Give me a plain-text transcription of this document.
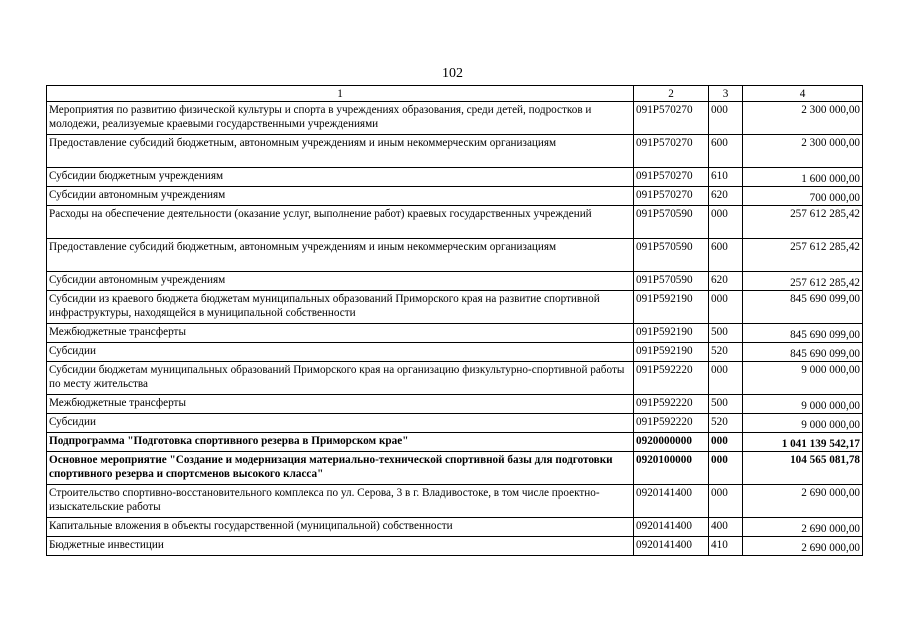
102
1	2	3	4
Мероприятия по развитию физической культуры и спорта в учреждениях образования, среди детей, подростков и молодежи, реализуемые краевыми государственными учреждениями	091P570270	000	2 300 000,00
Предоставление субсидий бюджетным, автономным учреждениям и иным некоммерческим организациям	091P570270	600	2 300 000,00
Субсидии бюджетным учреждениям	091P570270	610	1 600 000,00
Субсидии автономным учреждениям	091P570270	620	700 000,00
Расходы на обеспечение деятельности (оказание услуг, выполнение работ) краевых государственных учреждений	091P570590	000	257 612 285,42
Предоставление субсидий бюджетным, автономным учреждениям и иным некоммерческим организациям	091P570590	600	257 612 285,42
Субсидии автономным учреждениям	091P570590	620	257 612 285,42
Субсидии из краевого бюджета бюджетам муниципальных образований Приморского края на развитие спортивной инфраструктуры, находящейся в муниципальной собственности	091P592190	000	845 690 099,00
Межбюджетные трансферты	091P592190	500	845 690 099,00
Субсидии	091P592190	520	845 690 099,00
Субсидии бюджетам муниципальных образований Приморского края на организацию физкультурно-спортивной работы по месту жительства	091P592220	000	9 000 000,00
Межбюджетные трансферты	091P592220	500	9 000 000,00
Субсидии	091P592220	520	9 000 000,00
Подпрограмма "Подготовка спортивного резерва в Приморском крае"	0920000000	000	1 041 139 542,17
Основное мероприятие "Создание и модернизация материально-технической спортивной базы для подготовки спортивного резерва и спортсменов высокого класса"	0920100000	000	104 565 081,78
Строительство спортивно-восстановительного комплекса по ул. Серова, 3 в г. Владивостоке, в том числе проектно-изыскательские работы	0920141400	000	2 690 000,00
Капитальные вложения в объекты государственной (муниципальной) собственности	0920141400	400	2 690 000,00
Бюджетные инвестиции	0920141400	410	2 690 000,00
